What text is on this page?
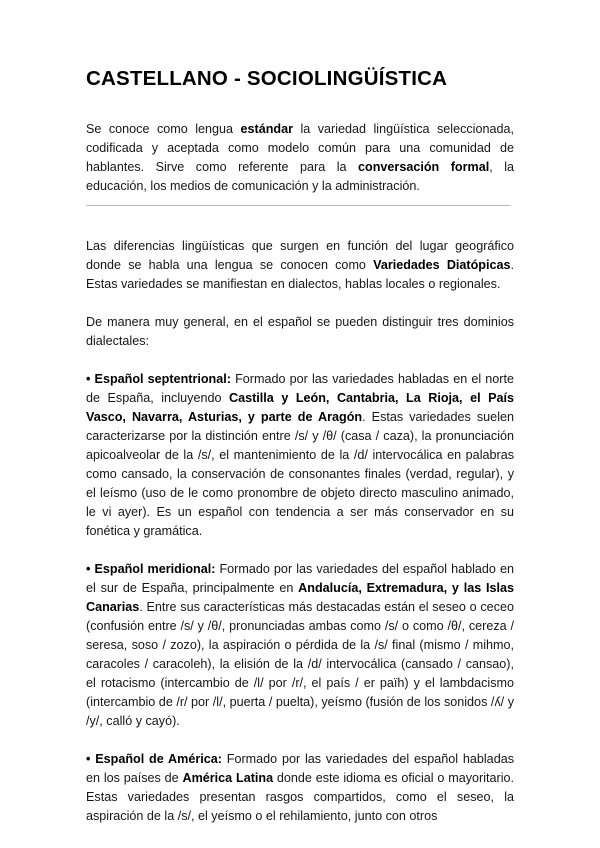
CASTELLANO - SOCIOLINGÜÍSTICA

Se conoce como lengua estándar la variedad lingüística seleccionada, codificada y aceptada como modelo común para una comunidad de hablantes. Sirve como referente para la conversación formal, la educación, los medios de comunicación y la administración.

Las diferencias lingüísticas que surgen en función del lugar geográfico donde se habla una lengua se conocen como Variedades Diatópicas. Estas variedades se manifiestan en dialectos, hablas locales o regionales.

De manera muy general, en el español se pueden distinguir tres dominios dialectales:

• Español septentrional: Formado por las variedades habladas en el norte de España, incluyendo Castilla y León, Cantabria, La Rioja, el País Vasco, Navarra, Asturias, y parte de Aragón. Estas variedades suelen caracterizarse por la distinción entre /s/ y /θ/ (casa / caza), la pronunciación apicoalveolar de la /s/, el mantenimiento de la /d/ intervocálica en palabras como cansado, la conservación de consonantes finales (verdad, regular), y el leísmo (uso de le como pronombre de objeto directo masculino animado, le vi ayer). Es un español con tendencia a ser más conservador en su fonética y gramática.

• Español meridional: Formado por las variedades del español hablado en el sur de España, principalmente en Andalucía, Extremadura, y las Islas Canarias. Entre sus características más destacadas están el seseo o ceceo (confusión entre /s/ y /θ/, pronunciadas ambas como /s/ o como /θ/, cereza / seresa, soso / zozo), la aspiración o pérdida de la /s/ final (mismo / mihmo, caracoles / caracoleh), la elisión de la /d/ intervocálica (cansado / cansao), el rotacismo (intercambio de /l/ por /r/, el país / er païh) y el lambdacismo (intercambio de /r/ por /l/, puerta / puelta), yeísmo (fusión de los sonidos /ʎ/ y /y/, calló y cayó).

• Español de América: Formado por las variedades del español habladas en los países de América Latina donde este idioma es oficial o mayoritario. Estas variedades presentan rasgos compartidos, como el seseo, la aspiración de la /s/, el yeísmo o el rehilamiento, junto con otros
